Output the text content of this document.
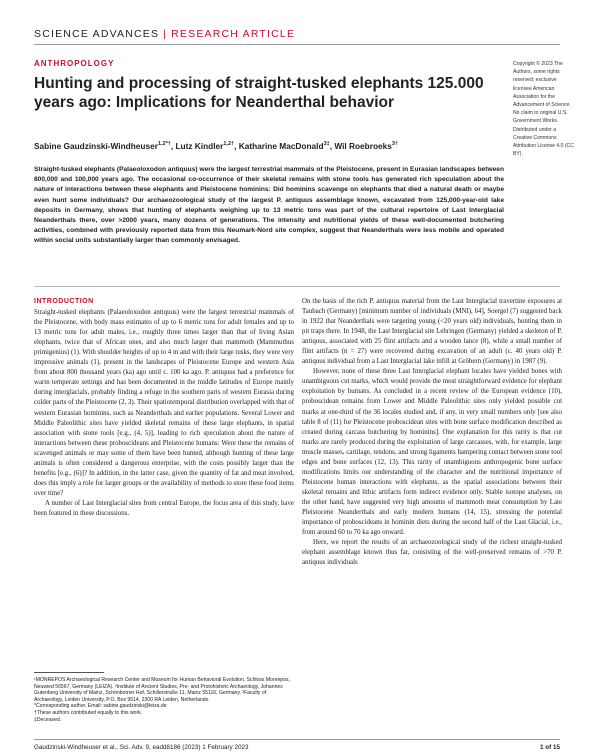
SCIENCE ADVANCES | RESEARCH ARTICLE
ANTHROPOLOGY
Hunting and processing of straight-tusked elephants 125.000 years ago: Implications for Neanderthal behavior
Sabine Gaudzinski-Windheuser$^{1,2*\dagger}$, Lutz Kindler$^{1,2\dagger}$, Katharine MacDonald$^{3\ddagger}$, Wil Roebroeks$^{3\dagger}$

Straight-tusked elephants (Palaeoloxodon antiquus) were the largest terrestrial mammals of the Pleistocene, present in Eurasian landscapes between 800,000 and 100,000 years ago. The occasional co-occurrence of their skeletal remains with stone tools has generated rich speculation about the nature of interactions between these elephants and Pleistocene hominins: Did hominins scavenge on elephants that died a natural death or maybe even hunt some individuals? Our archaeozoological study of the largest P. antiquus assemblage known, excavated from 125,000-year-old lake deposits in Germany, shows that hunting of elephants weighing up to 13 metric tons was part of the cultural repertoire of Last Interglacial Neanderthals there, over >2000 years, many dozens of generations. The intensity and nutritional yields of these well-documented butchering activities, combined with previously reported data from this Neumark-Nord site complex, suggest that Neanderthals were less mobile and operated within social units substantially larger than commonly envisaged.

Copyright © 2023 The Authors, some rights reserved; exclusive licensee American Association for the Advancement of Science. No claim to original U.S. Government Works. Distributed under a Creative Commons Attribution License 4.0 (CC BY).
INTRODUCTION

Straight-tusked elephants (Palaeoloxodon antiquus) were the largest terrestrial mammals of the Pleistocene, with body mass estimates of up to 6 metric tons for adult females and up to 13 metric tons for adult males, i.e., roughly three times larger than that of living Asian elephants, twice that of African ones, and also much larger than mammoth (Mammuthus primigenius) (1). With shoulder heights of up to 4 m and with their large tusks, they were very impressive animals (1), present in the landscapes of Pleistocene Europe and western Asia from about 800 thousand years (ka) ago until c. 100 ka ago. P. antiquus had a preference for warm temperate settings and has been documented in the middle latitudes of Europe mainly during interglacials, probably finding a refuge in the southern parts of western Eurasia during colder parts of the Pleistocene (2, 3). Their spatiotemporal distribution overlapped with that of western Eurasian hominins, such as Neanderthals and earlier populations. Several Lower and Middle Paleolithic sites have yielded skeletal remains of these large elephants, in spatial association with stone tools [e.g., (4, 5)], leading to rich speculation about the nature of interactions between these proboscideans and Pleistocene humans: Were these the remains of scavenged animals or may some of them have been hunted, although hunting of these large animals is often considered a dangerous enterprise, with the costs possibly larger than the benefits [e.g., (6)]? In addition, in the latter case, given the quantity of fat and meat involved, does this imply a role for larger groups or the availability of methods to store these food items over time?

A number of Last Interglacial sites from central Europe, the focus area of this study, have been featured in these discussions.

On the basis of the rich P. antiquus material from the Last Interglacial travertine exposures at Taubach (Germany) [minimum number of individuals (MNI), 64], Soergel (7) suggested back in 1922 that Neanderthals were targeting young (<20 years old) individuals, hunting them in pit traps there. In 1948, the Last Interglacial site Lehringen (Germany) yielded a skeleton of P. antiquus, associated with 25 flint artifacts and a wooden lance (8), while a small number of flint artifacts (n = 27) were recovered during excavation of an adult (c. 40 years old) P. antiquus individual from a Last Interglacial lake infill at Gröbern (Germany) in 1987 (9).

However, none of these three Last Interglacial elephant locales have yielded bones with unambiguous cut marks, which would provide the most straightforward evidence for elephant exploitation by humans. As concluded in a recent review of the European evidence (10), proboscidean remains from Lower and Middle Paleolithic sites only yielded possible cut marks at one-third of the 36 locales studied and, if any, in very small numbers only [see also table 8 of (11) for Pleistocene proboscidean sites with bone surface modification described as created during carcass butchering by hominins]. One explanation for this rarity is that cut marks are rarely produced during the exploitation of large carcasses, with, for example, large muscle masses, cartilage, tendons, and strong ligaments hampering contact between stone tool edges and bone surfaces (12, 13). This rarity of unambiguous anthropogenic bone surface modifications limits our understanding of the character and the nutritional importance of Pleistocene human interactions with elephants, as the spatial associations between their skeletal remains and lithic artifacts form indirect evidence only. Stable isotope analyses, on the other hand, have suggested very high amounts of mammoth meat consumption by Late Pleistocene Neanderthals and early modern humans (14, 15), stressing the potential importance of proboscideans in hominin diets during the second half of the Last Glacial, i.e., from around 60 to 70 ka ago onward.

Here, we report the results of an archaeozoological study of the richest straight-tusked elephant assemblage known thus far, consisting of the well-preserved remains of >70 P. antiquus individuals

¹MONREPOS Archaeological Research Center and Museum for Human Behavioral Evolution, Schloss Monrepos, Neuwied 56567, Germany (LEIZA). ²Institute of Ancient Studies, Pre- and Protohistoric Archaeology, Johannes Gutenberg University of Mainz, Schönborner Hof, Schillerstraße 11, Mainz 55116, Germany. ³Faculty of Archaeology, Leiden University, P.O. Box 9514, 2300 RA Leiden, Netherlands.

*Corresponding author. Email: sabine.gaudzinski@leiza.de

†These authors contributed equally to this work.

‡Deceased.

Gaudzinski-Windheuser et al., Sci. Adv. 9, eadd8186 (2023) 1 February 2023	1 of 15
